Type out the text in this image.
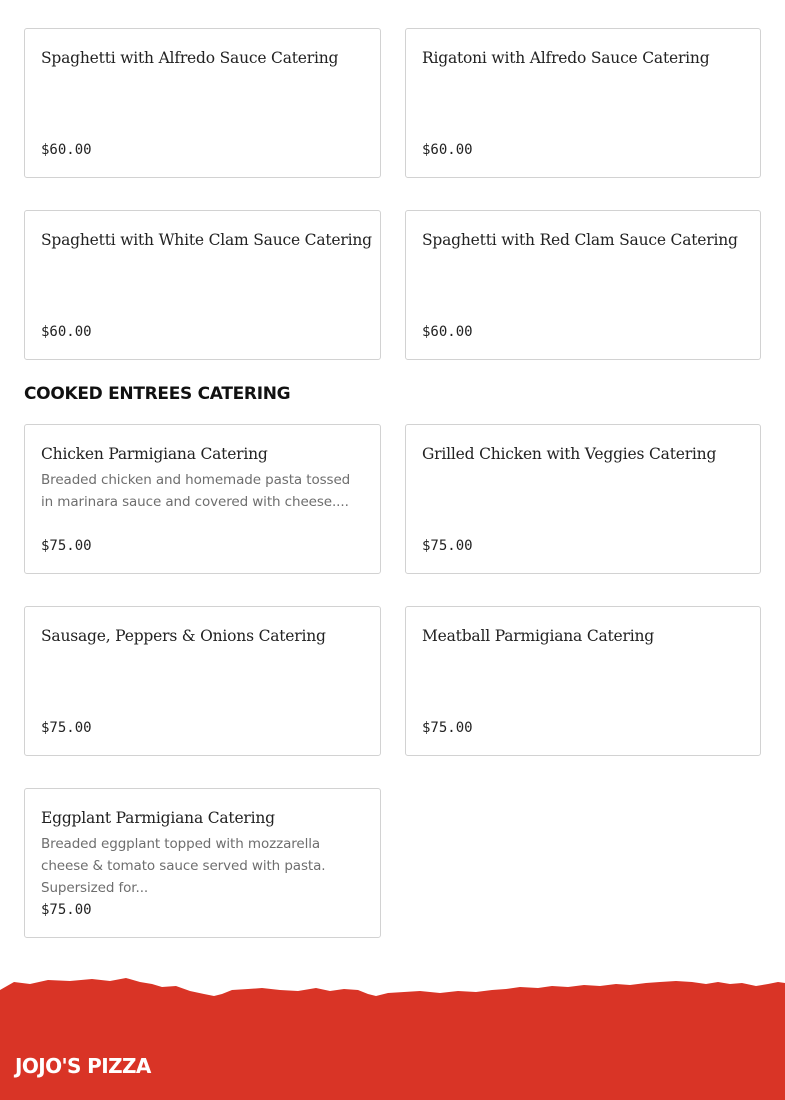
Spaghetti with Alfredo Sauce Catering
$60.00
Rigatoni with Alfredo Sauce Catering
$60.00
Spaghetti with White Clam Sauce Catering
$60.00
Spaghetti with Red Clam Sauce Catering
$60.00
COOKED ENTREES CATERING
Chicken Parmigiana Catering
Breaded chicken and homemade pasta tossed in marinara sauce and covered with cheese....
$75.00
Grilled Chicken with Veggies Catering
$75.00
Sausage, Peppers & Onions Catering
$75.00
Meatball Parmigiana Catering
$75.00
Eggplant Parmigiana Catering
Breaded eggplant topped with mozzarella cheese & tomato sauce served with pasta. Supersized for...
$75.00
JOJO'S PIZZA
